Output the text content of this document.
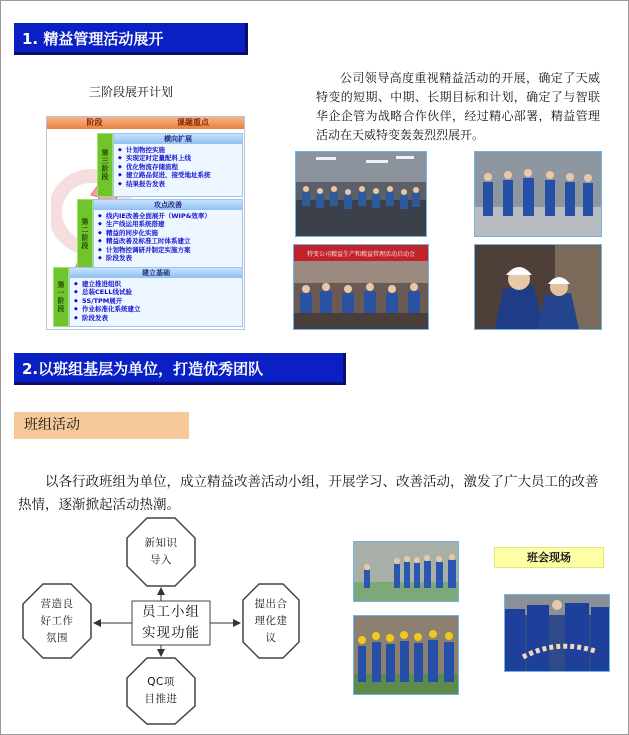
1. 精益管理活动展开
三阶段展开计划
阶段	课题重点
第三阶段
横向扩展
◆ 计划物控实施
◆ 实现定时定量配料上线
◆ 优化物流存储流程
◆ 建立路品促进、接受地址系统
◆ 结果报告发表
第二阶段
攻点改善
◆ 线内IE改善全面展开（WIP&效率）
◆ 生产线运用系统搭建
◆ 精益的同步化实施
◆ 精益改善及标准工时体系建立
◆ 计划物控调研并制定实施方案
◆ 阶段发表
第一阶段
建立基础
◆ 建立推进组织
◆ 总装CELL线试验
◆ 5S/TPM展开
◆ 作业标准化系统建立
◆ 阶段发表
公司领导高度重视精益活动的开展，确定了天威特变的短期、中期、长期目标和计划，确定了与智联华企企管为战略合作伙伴，经过精心部署，精益管理活动在天威特变轰轰烈烈展开。
特变公司精益生产和精益管理活动启动会
2.以班组基层为单位，打造优秀团队
班组活动
以各行政班组为单位，成立精益改善活动小组，开展学习、改善活动，激发了广大员工的改善热情，逐渐掀起活动热潮。
新知识
导入
营造良
好工作
氛围
提出合
理化建
议
QC项
目推进
员工小组
实现功能
班会现场
